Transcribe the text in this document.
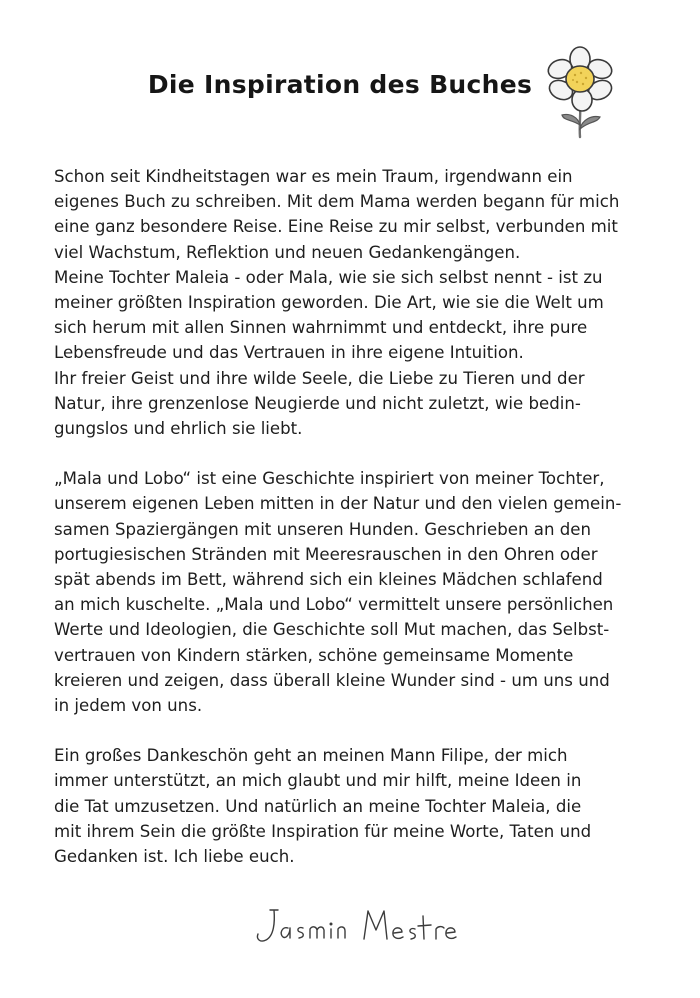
Die Inspiration des Buches

Schon seit Kindheitstagen war es mein Traum, irgendwann ein
eigenes Buch zu schreiben. Mit dem Mama werden begann für mich
eine ganz besondere Reise. Eine Reise zu mir selbst, verbunden mit
viel Wachstum, Reflektion und neuen Gedankengängen.
Meine Tochter Maleia - oder Mala, wie sie sich selbst nennt - ist zu
meiner größten Inspiration geworden. Die Art, wie sie die Welt um
sich herum mit allen Sinnen wahrnimmt und entdeckt, ihre pure
Lebensfreude und das Vertrauen in ihre eigene Intuition.
Ihr freier Geist und ihre wilde Seele, die Liebe zu Tieren und der
Natur, ihre grenzenlose Neugierde und nicht zuletzt, wie bedin-
gungslos und ehrlich sie liebt.

„Mala und Lobo“ ist eine Geschichte inspiriert von meiner Tochter,
unserem eigenen Leben mitten in der Natur und den vielen gemein-
samen Spaziergängen mit unseren Hunden. Geschrieben an den
portugiesischen Stränden mit Meeresrauschen in den Ohren oder
spät abends im Bett, während sich ein kleines Mädchen schlafend
an mich kuschelte. „Mala und Lobo“ vermittelt unsere persönlichen
Werte und Ideologien, die Geschichte soll Mut machen, das Selbst-
vertrauen von Kindern stärken, schöne gemeinsame Momente
kreieren und zeigen, dass überall kleine Wunder sind - um uns und
in jedem von uns.

Ein großes Dankeschön geht an meinen Mann Filipe, der mich
immer unterstützt, an mich glaubt und mir hilft, meine Ideen in
die Tat umzusetzen. Und natürlich an meine Tochter Maleia, die
mit ihrem Sein die größte Inspiration für meine Worte, Taten und
Gedanken ist. Ich liebe euch.
